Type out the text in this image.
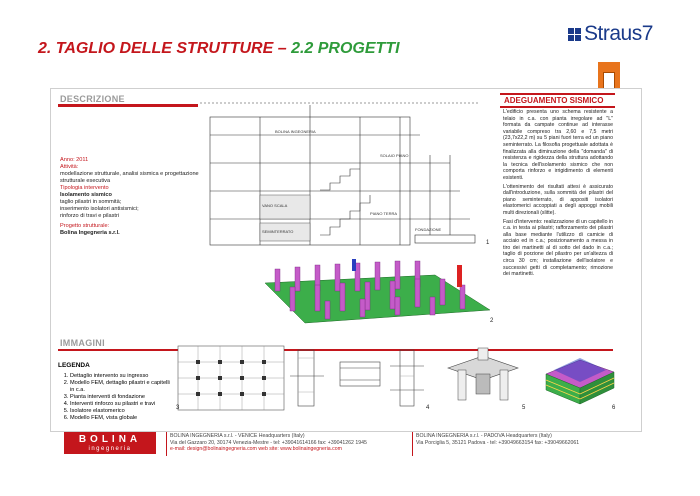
2. TAGLIO DELLE STRUTTURE – 2.2 PROGETTI
Straus7
DESCRIZIONE
Anno: 2011
Attività:
modellazione strutturale, analisi sismica e progettazione strutturale esecutiva
Tipologia intervento
Isolamento sismico
taglio pilastri in sommità;
inserimento isolatori antisismici;
rinforzo di travi e pilastri
Progetto strutturale:
Bolina Ingegneria s.r.l.
BOLINA INGEGNERIA
VANO SCALA
SEMINTERRATO
PIANO TERRA
FONDAZIONE
SOLAIO PIANO
1
2
ADEGUAMENTO SISMICO
L'edificio presenta uno schema resistente a telaio in c.a. con pianta irregolare ad "L" formata da campate continue ad interasse variabile compreso tra 2,60 e 7,5 metri (23,7x22,2 m) su 5 piani fuori terra ed un piano seminterrato. La filosofia progettuale adottata è finalizzata alla diminuzione della "domanda" di resistenza e rigidezza della struttura adottando la tecnica dell'isolamento sismico che non comporta rinforzo e irrigidimento di elementi esistenti.
L'ottenimento dei risultati attesi è assicurato dall'introduzione, sulla sommità dei pilastri del piano seminterrato, di appositi isolatori elastomerici accoppiati a degli appoggi mobili multi direzionali (slitte).
Fasi d'intervento: realizzazione di un capitello in c.a. in testa ai pilastri; rafforzamento dei pilastri alla base mediante l'utilizzo di camicie di acciaio ed in c.a.; posizionamento a messa in tiro dei martinetti al di sotto del dado in c.a.; taglio di porzione del pilastro per un'altezza di circa 30 cm; installazione dell'isolatore e successivi getti di completamento; rimozione dei martinetti.
IMMAGINI
LEGENDA
1. Dettaglio intervento su ingresso
2. Modello FEM, dettaglio pilastri e capitelli in c.a.
3. Pianta interventi di fondazione
4. Interventi rinforzo su pilastri e travi
5. Isolatore elastomerico
6. Modello FEM, vista globale
3	4	5	6
BOLINA
ingegneria
BOLINA INGEGNERIA s.r.l. - VENICE Headquarters (Italy)
Via del Gazzaro 20, 30174 Venezia-Mestre - tel: +39041614166 fax: +39041262 1945
e-mail: design@bolinaingegneria.com web site: www.bolinaingegneria.com
BOLINA INGEGNERIA s.r.l. - PADOVA Headquarters (Italy)
Via Porciglia 5, 35121 Padova - tel: +39049663154 fax: +39049662061
